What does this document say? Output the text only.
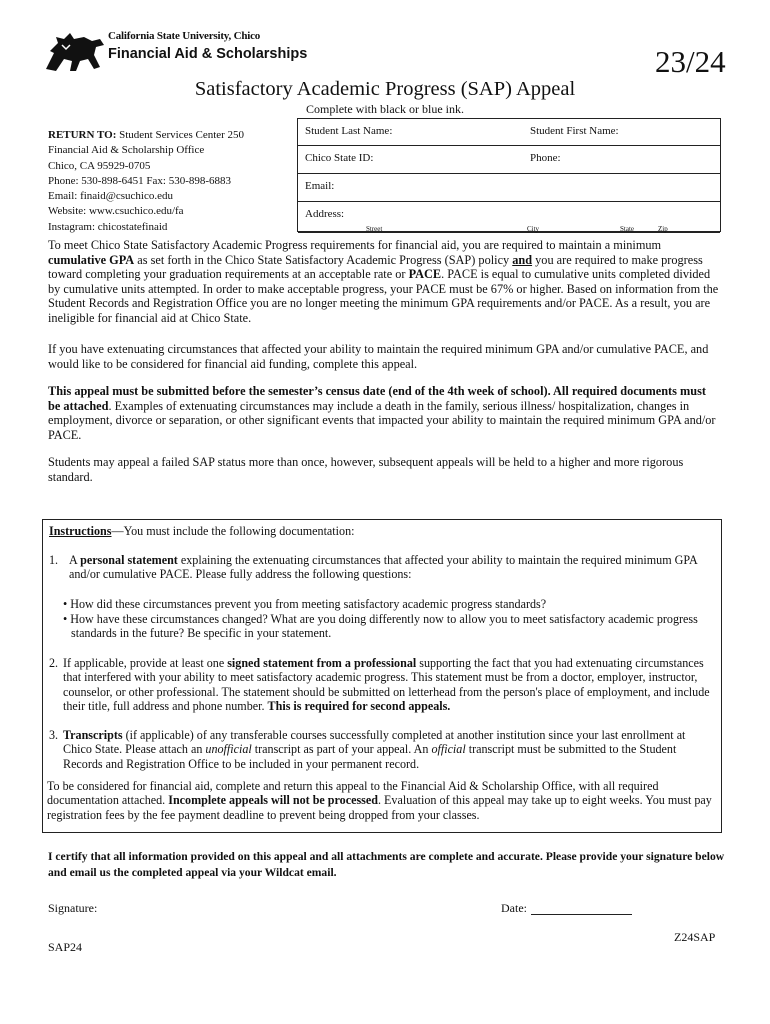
California State University, Chico
Financial Aid & Scholarships	23/24
Satisfactory Academic Progress (SAP) Appeal
Complete with black or blue ink.
RETURN TO: Student Services Center 250
Financial Aid & Scholarship Office
Chico, CA 95929-0705
Phone: 530-898-6451 Fax: 530-898-6883
Email: finaid@csuchico.edu
Website: www.csuchico.edu/fa
Instagram: chicostatefinaid
Student Last Name:	Student First Name:
Chico State ID:	Phone:
Email:
Address:
Street	City	State	Zip
To meet Chico State Satisfactory Academic Progress requirements for financial aid, you are required to maintain a minimum cumulative GPA as set forth in the Chico State Satisfactory Academic Progress (SAP) policy and you are required to make progress toward completing your graduation requirements at an acceptable rate or PACE. PACE is equal to cumulative units completed divided by cumulative units attempted. In order to make acceptable progress, your PACE must be 67% or higher. Based on information from the Student Records and Registration Office you are no longer meeting the minimum GPA requirements and/or PACE. As a result, you are ineligible for financial aid at Chico State.
If you have extenuating circumstances that affected your ability to maintain the required minimum GPA and/or cumulative PACE, and would like to be considered for financial aid funding, complete this appeal.
This appeal must be submitted before the semester’s census date (end of the 4th week of school). All required documents must be attached. Examples of extenuating circumstances may include a death in the family, serious illness/ hospitalization, changes in employment, divorce or separation, or other significant events that impacted your ability to maintain the required minimum GPA and/or PACE.
Students may appeal a failed SAP status more than once, however, subsequent appeals will be held to a higher and more rigorous standard.
Instructions—You must include the following documentation:
1. A personal statement explaining the extenuating circumstances that affected your ability to maintain the required minimum GPA and/or cumulative PACE. Please fully address the following questions:
• How did these circumstances prevent you from meeting satisfactory academic progress standards?
• How have these circumstances changed? What are you doing differently now to allow you to meet satisfactory academic progress standards in the future? Be specific in your statement.
2. If applicable, provide at least one signed statement from a professional supporting the fact that you had extenuating circumstances that interfered with your ability to meet satisfactory academic progress. This statement must be from a doctor, employer, instructor, counselor, or other professional. The statement should be submitted on letterhead from the person's place of employment, and include their title, full address and phone number. This is required for second appeals.
3. Transcripts (if applicable) of any transferable courses successfully completed at another institution since your last enrollment at Chico State. Please attach an unofficial transcript as part of your appeal. An official transcript must be submitted to the Student Records and Registration Office to be included in your permanent record.
To be considered for financial aid, complete and return this appeal to the Financial Aid & Scholarship Office, with all required documentation attached. Incomplete appeals will not be processed. Evaluation of this appeal may take up to eight weeks. You must pay registration fees by the fee payment deadline to prevent being dropped from your classes.
I certify that all information provided on this appeal and all attachments are complete and accurate. Please provide your signature below and email us the completed appeal via your Wildcat email.
Signature:	Date:
Z24SAP
SAP24
